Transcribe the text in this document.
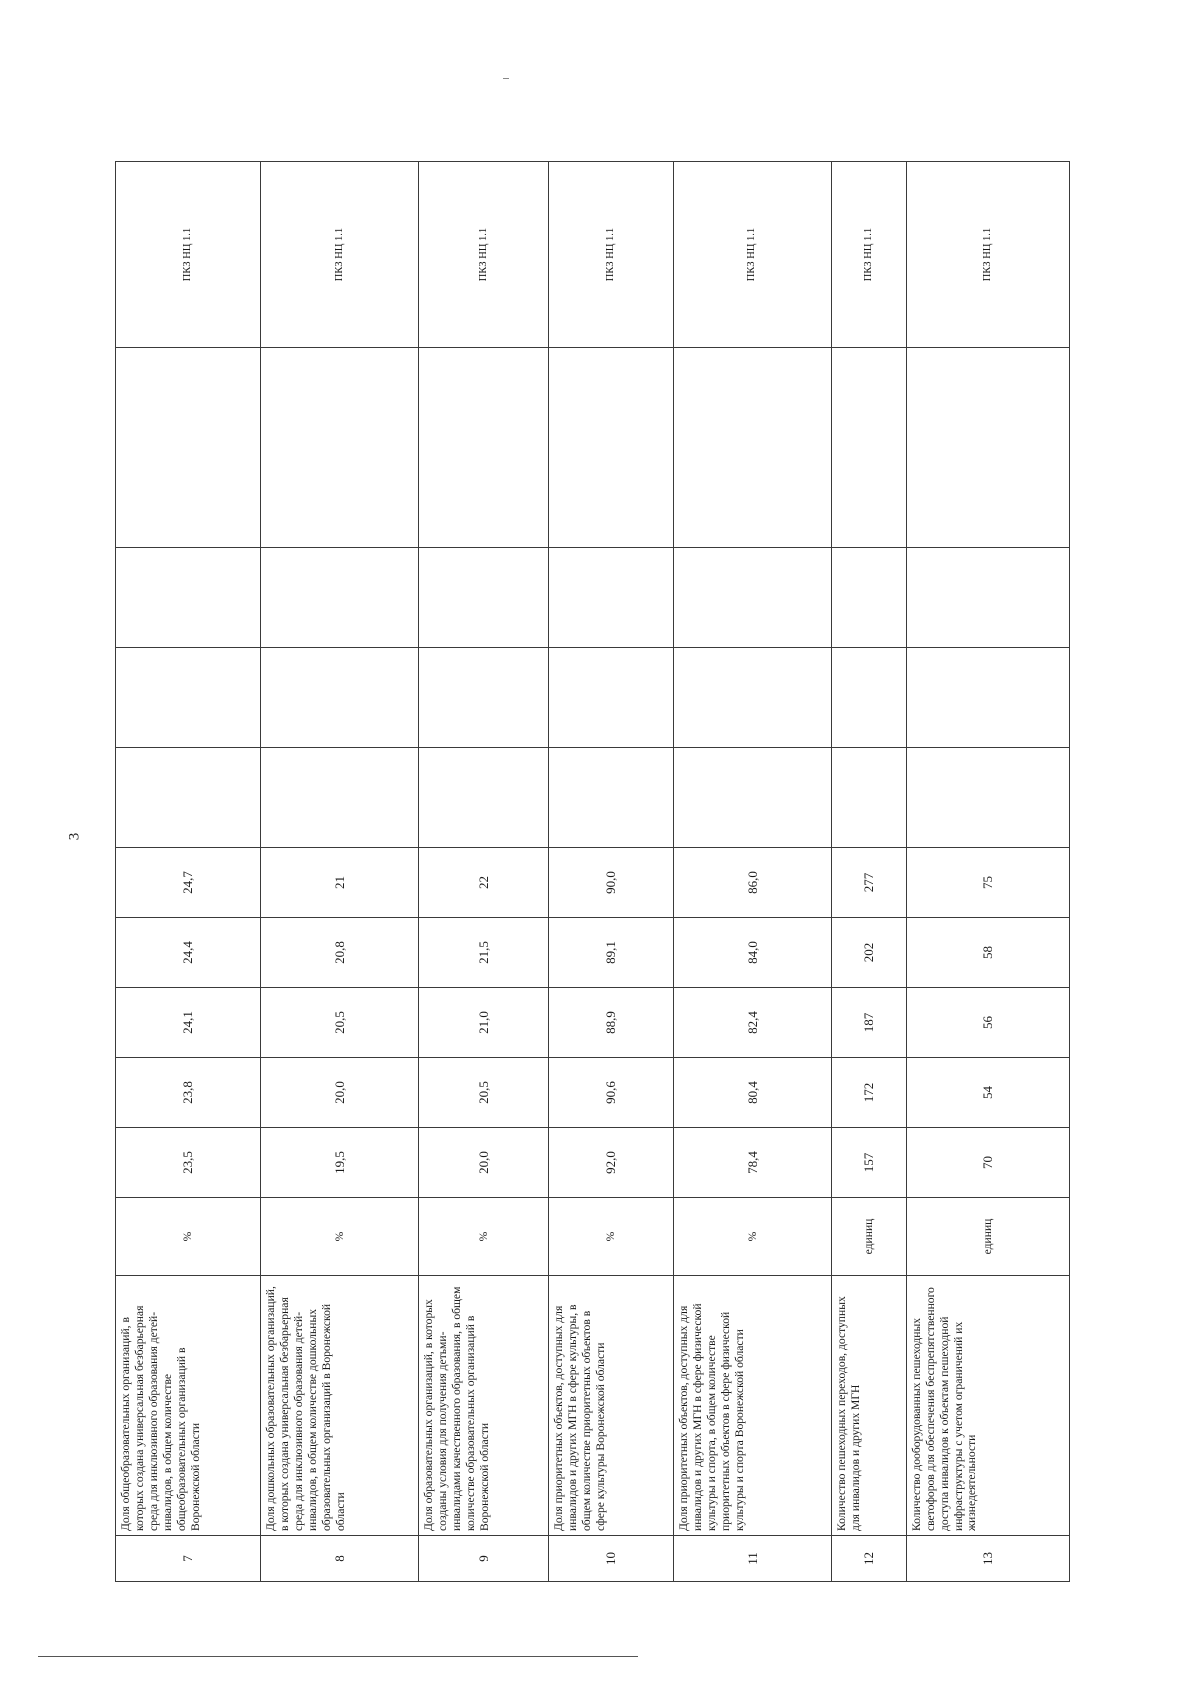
3
7	Доля общеобразовательных организаций, в которых создана универсальная безбарьерная среда для инклюзивного образования детей-инвалидов, в общем количестве общеобразовательных организаций в Воронежской области	%	23,5	23,8	24,1	24,4	24,7					ПКЗ НЦ 1.1
8	Доля дошкольных образовательных организаций, в которых создана универсальная безбарьерная среда для инклюзивного образования детей-инвалидов, в общем количестве дошкольных образовательных организаций в Воронежской области	%	19,5	20,0	20,5	20,8	21					ПКЗ НЦ 1.1
9	Доля образовательных организаций, в которых созданы условия для получения детьми-инвалидами качественного образования, в общем количестве образовательных организаций в Воронежской области	%	20,0	20,5	21,0	21,5	22					ПКЗ НЦ 1.1
10	Доля приоритетных объектов, доступных для инвалидов и других МГН в сфере культуры, в общем количестве приоритетных объектов в сфере культуры Воронежской области	%	92,0	90,6	88,9	89,1	90,0					ПКЗ НЦ 1.1
11	Доля приоритетных объектов, доступных для инвалидов и других МГН в сфере физической культуры и спорта, в общем количестве приоритетных объектов в сфере физической культуры и спорта Воронежской области	%	78,4	80,4	82,4	84,0	86,0					ПКЗ НЦ 1.1
12	Количество пешеходных переходов, доступных для инвалидов и других МГН	единиц	157	172	187	202	277					ПКЗ НЦ 1.1
13	Количество дооборудованных пешеходных светофоров для обеспечения беспрепятственного доступа инвалидов к объектам пешеходной инфраструктуры с учетом ограничений их жизнедеятельности	единиц	70	54	56	58	75					ПКЗ НЦ 1.1
